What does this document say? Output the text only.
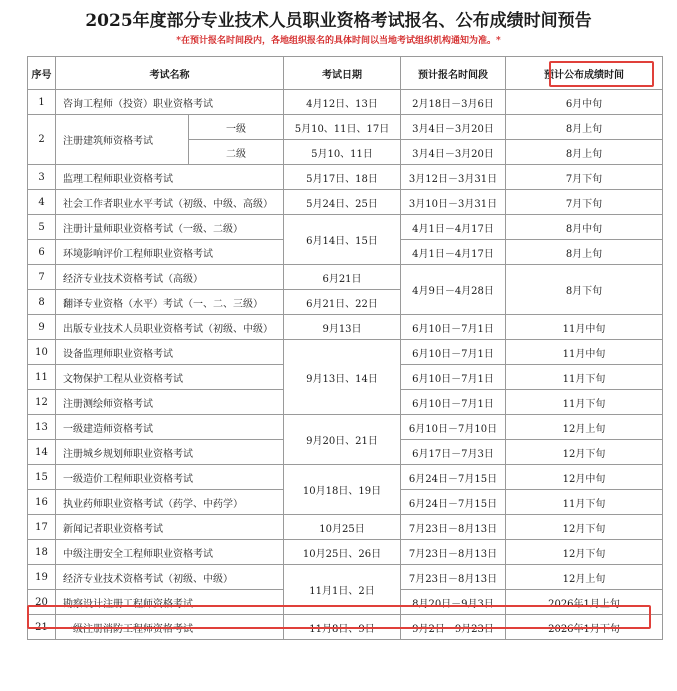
2025年度部分专业技术人员职业资格考试报名、公布成绩时间预告
*在预计报名时间段内，各地组织报名的具体时间以当地考试组织机构通知为准。*
序号	考试名称		考试日期	预计报名时间段	预计公布成绩时间
1	咨询工程师（投资）职业资格考试		4月12日、13日	2月18日－3月6日	6月中旬
2	注册建筑师资格考试	一级	5月10、11日、17日	3月4日－3月20日	8月上旬
		二级	5月10、11日	3月4日－3月20日	8月上旬
3	监理工程师职业资格考试		5月17日、18日	3月12日－3月31日	7月下旬
4	社会工作者职业水平考试（初级、中级、高级）		5月24日、25日	3月10日－3月31日	7月下旬
5	注册计量师职业资格考试（一级、二级）		6月14日、15日	4月1日－4月17日	8月中旬
6	环境影响评价工程师职业资格考试			4月1日－4月17日	8月上旬
7	经济专业技术资格考试（高级）		6月21日	4月9日－4月28日	8月下旬
8	翻译专业资格（水平）考试（一、二、三级）		6月21日、22日		
9	出版专业技术人员职业资格考试（初级、中级）		9月13日	6月10日－7月1日	11月中旬
10	设备监理师职业资格考试		9月13日、14日	6月10日－7月1日	11月中旬
11	文物保护工程从业资格考试			6月10日－7月1日	11月下旬
12	注册测绘师资格考试			6月10日－7月1日	11月下旬
13	一级建造师资格考试		9月20日、21日	6月10日－7月10日	12月上旬
14	注册城乡规划师职业资格考试			6月17日－7月3日	12月下旬
15	一级造价工程师职业资格考试		10月18日、19日	6月24日－7月15日	12月中旬
16	执业药师职业资格考试（药学、中药学）			6月24日－7月15日	11月下旬
17	新闻记者职业资格考试		10月25日	7月23日－8月13日	12月下旬
18	中级注册安全工程师职业资格考试		10月25日、26日	7月23日－8月13日	12月下旬
19	经济专业技术资格考试（初级、中级）		11月1日、2日	7月23日－8月13日	12月上旬
20	勘察设计注册工程师资格考试			8月20日－9月3日	2026年1月上旬
21	一级注册消防工程师资格考试		11月8日、9日	9月2日－9月23日	2026年1月下旬
